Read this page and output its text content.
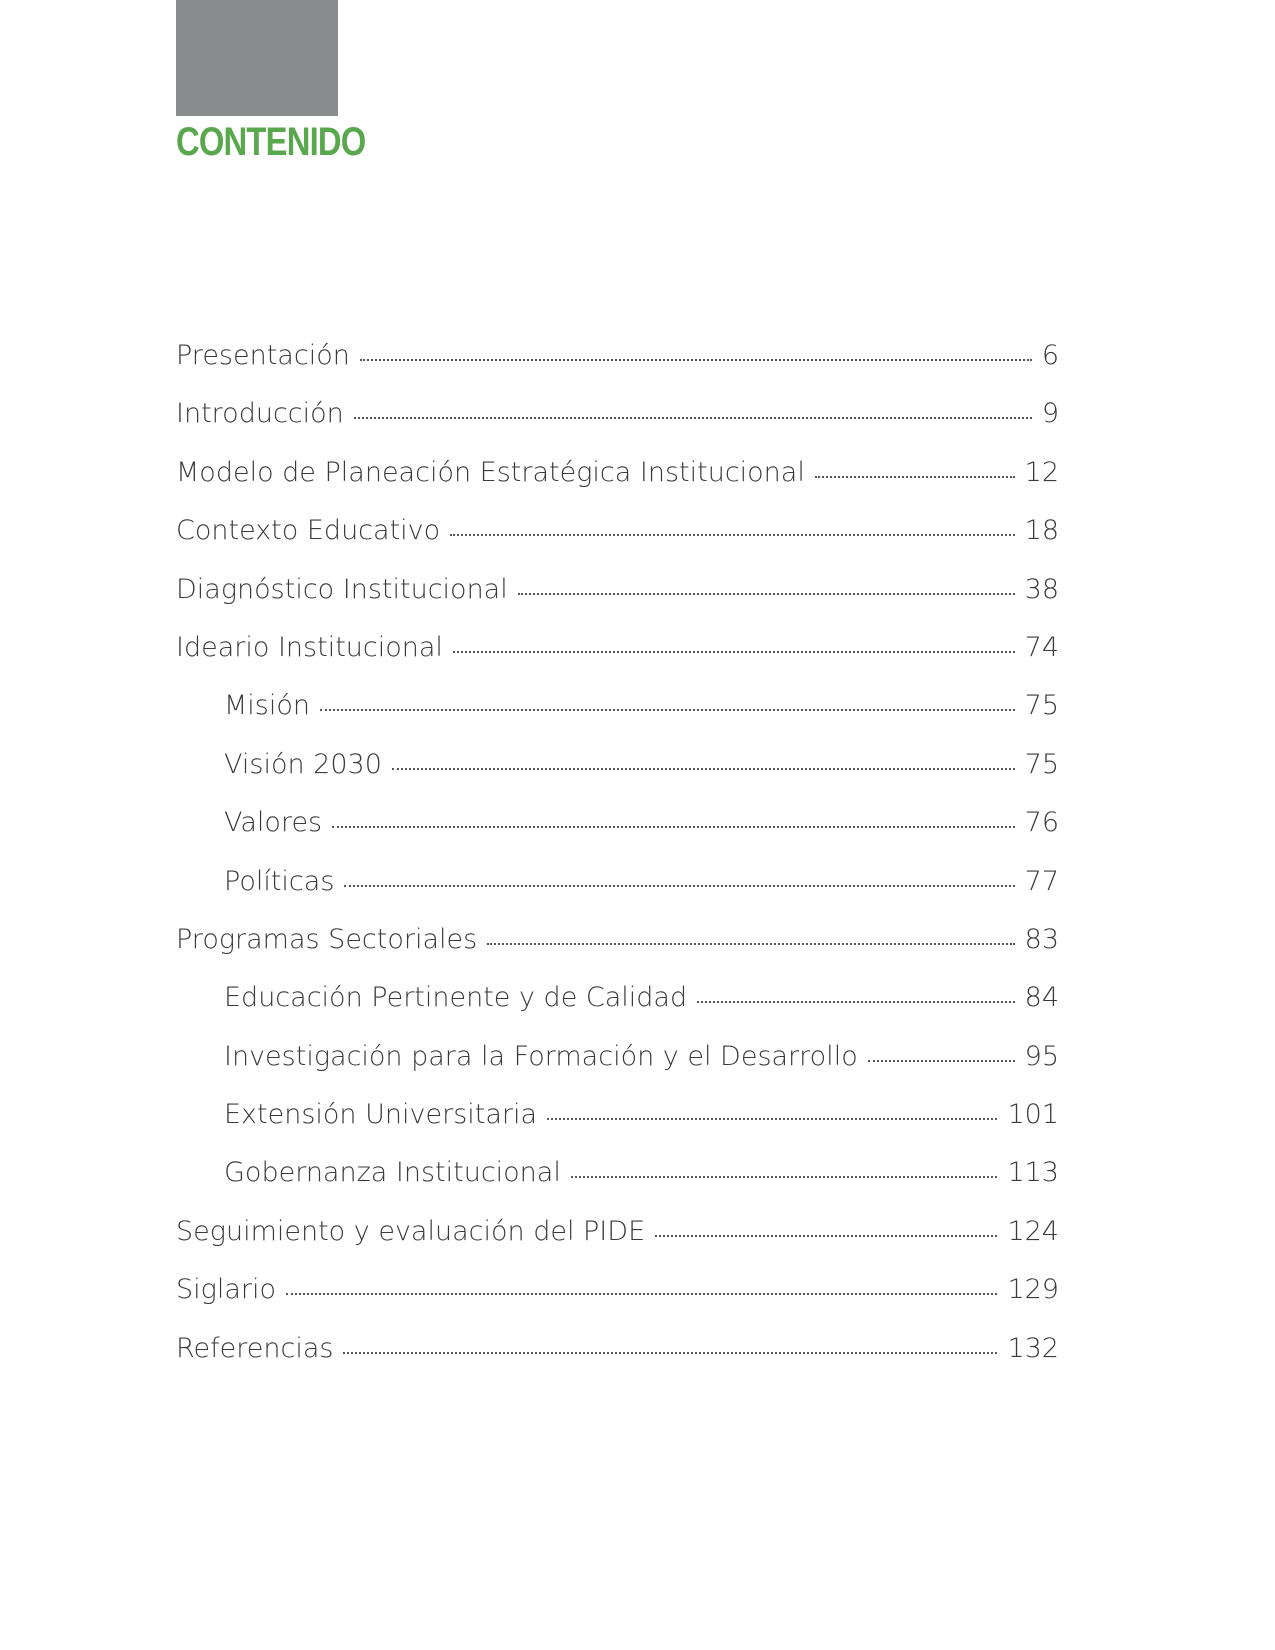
CONTENIDO
Presentación	6
Introducción	9
Modelo de Planeación Estratégica Institucional	12
Contexto Educativo	18
Diagnóstico Institucional	38
Ideario Institucional	74
Misión	75
Visión 2030	75
Valores	76
Políticas	77
Programas Sectoriales	83
Educación Pertinente y de Calidad	84
Investigación para la Formación y el Desarrollo	95
Extensión Universitaria	101
Gobernanza Institucional	113
Seguimiento y evaluación del PIDE	124
Siglario	129
Referencias	132
